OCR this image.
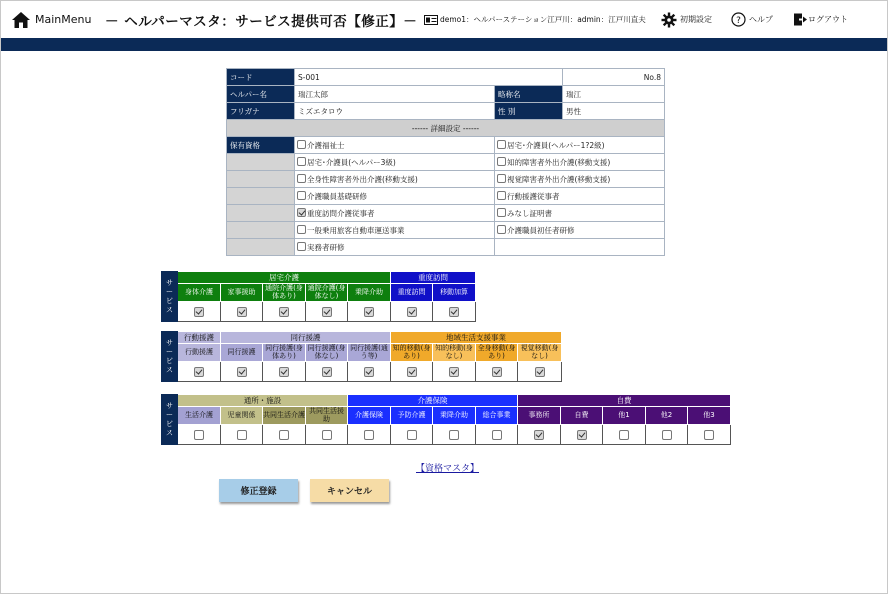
MainMenu － ヘルパーマスタ：サービス提供可否【修正】－	demo1：ヘルパーステーション江戸川：admin：江戸川直夫	初期設定	? ヘルプ	ログアウト
コード	S-001		No.8
ヘルパー名	瑞江太郎	略称名	瑞江
フリガナ	ミズエタロウ	性 別	男性
------ 詳細設定 ------			
保有資格	介護福祉士	居宅･介護員(ヘルパー1?2級)	
	居宅･介護員(ヘルパー3級)	知的障害者外出介護(移動支援)	
	全身性障害者外出介護(移動支援)	視覚障害者外出介護(移動支援)	
	介護職員基礎研修	行動援護従事者	
	重度訪問介護従事者	みなし証明書	
	一般乗用旅客自動車運送事業	介護職員初任者研修	
	実務者研修		
サービス	居宅介護					重度訪問	
	身体介護	家事援助	通院介護(身体あり)	通院介護(身体なし)	乗降介助	重度訪問	移動加算

サービス	行動援護	同行援護				地域生活支援事業			
	行動援護	同行援護	同行援護(身体あり)	同行援護(身体なし)	同行援護(通う等)	知的移動(身あり)	知的移動(身なし)	全身移動(身あり)	視覚移動(身なし)

サービス	通所・施設				介護保険				自費				
	生活介護	児童関係	共同生活介護	共同生活援助	介護保険	予防介護	乗降介助	総合事業	事務所	自費	他1	他2	他3

【資格マスタ】
修正登録	キャンセル
